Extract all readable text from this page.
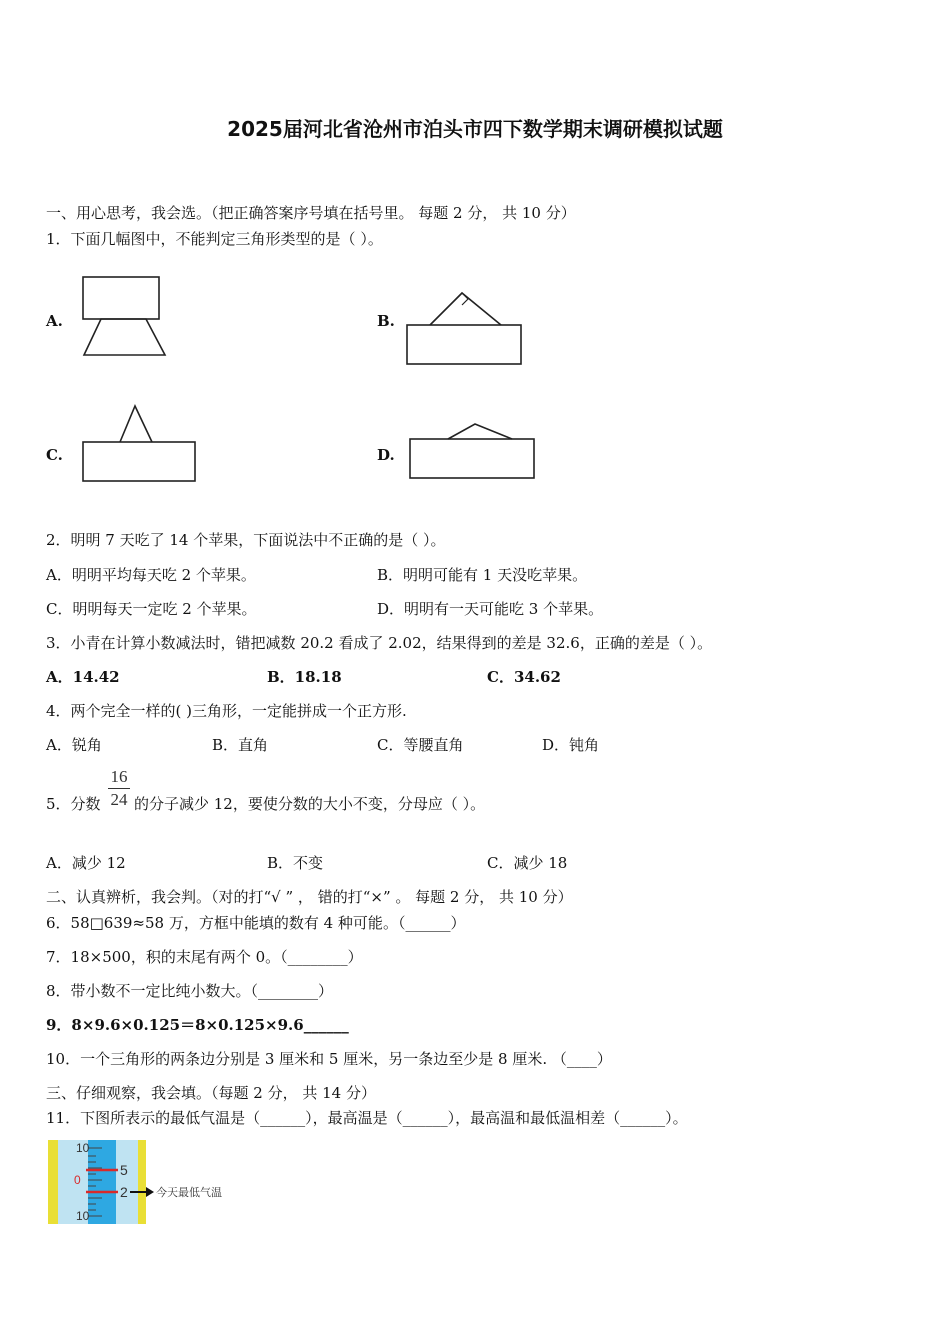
2025届河北省沧州市泊头市四下数学期末调研模拟试题
一、用心思考，我会选。（把正确答案序号填在括号里。 每题 2 分， 共 10 分）
1．下面几幅图中，不能判定三角形类型的是（ ）。
A.	B.
C.	D.
2．明明 7 天吃了 14 个苹果，下面说法中不正确的是（ ）。
A．明明平均每天吃 2 个苹果。	B．明明可能有 1 天没吃苹果。
C．明明每天一定吃 2 个苹果。	D．明明有一天可能吃 3 个苹果。
3．小青在计算小数减法时，错把减数 20.2 看成了 2.02，结果得到的差是 32.6，正确的差是（ ）。
A．14.42	B．18.18	C．34.62
4．两个完全一样的( )三角形，一定能拼成一个正方形.
A．锐角	B．直角	C．等腰直角	D．钝角
5．分数
16
24 的分子减少 12，要使分数的大小不变，分母应（ ）。
A．减少 12	B．不变	C．减少 18
二、认真辨析，我会判。（对的打“√ ” ， 错的打“×” 。 每题 2 分， 共 10 分）
6．58□639≈58 万，方框中能填的数有 4 种可能。（______）
7．18×500，积的末尾有两个 0。（________）
8．带小数不一定比纯小数大。（________）
9．8×9.6×0.125＝8×0.125×9.6______
10．一个三角形的两条边分别是 3 厘米和 5 厘米，另一条边至少是 8 厘米. （____）
三、仔细观察，我会填。（每题 2 分， 共 14 分）
11．下图所表示的最低气温是（______），最高温是（______），最高温和最低温相差（______）。
10
0
10
5
2	今天最低气温
